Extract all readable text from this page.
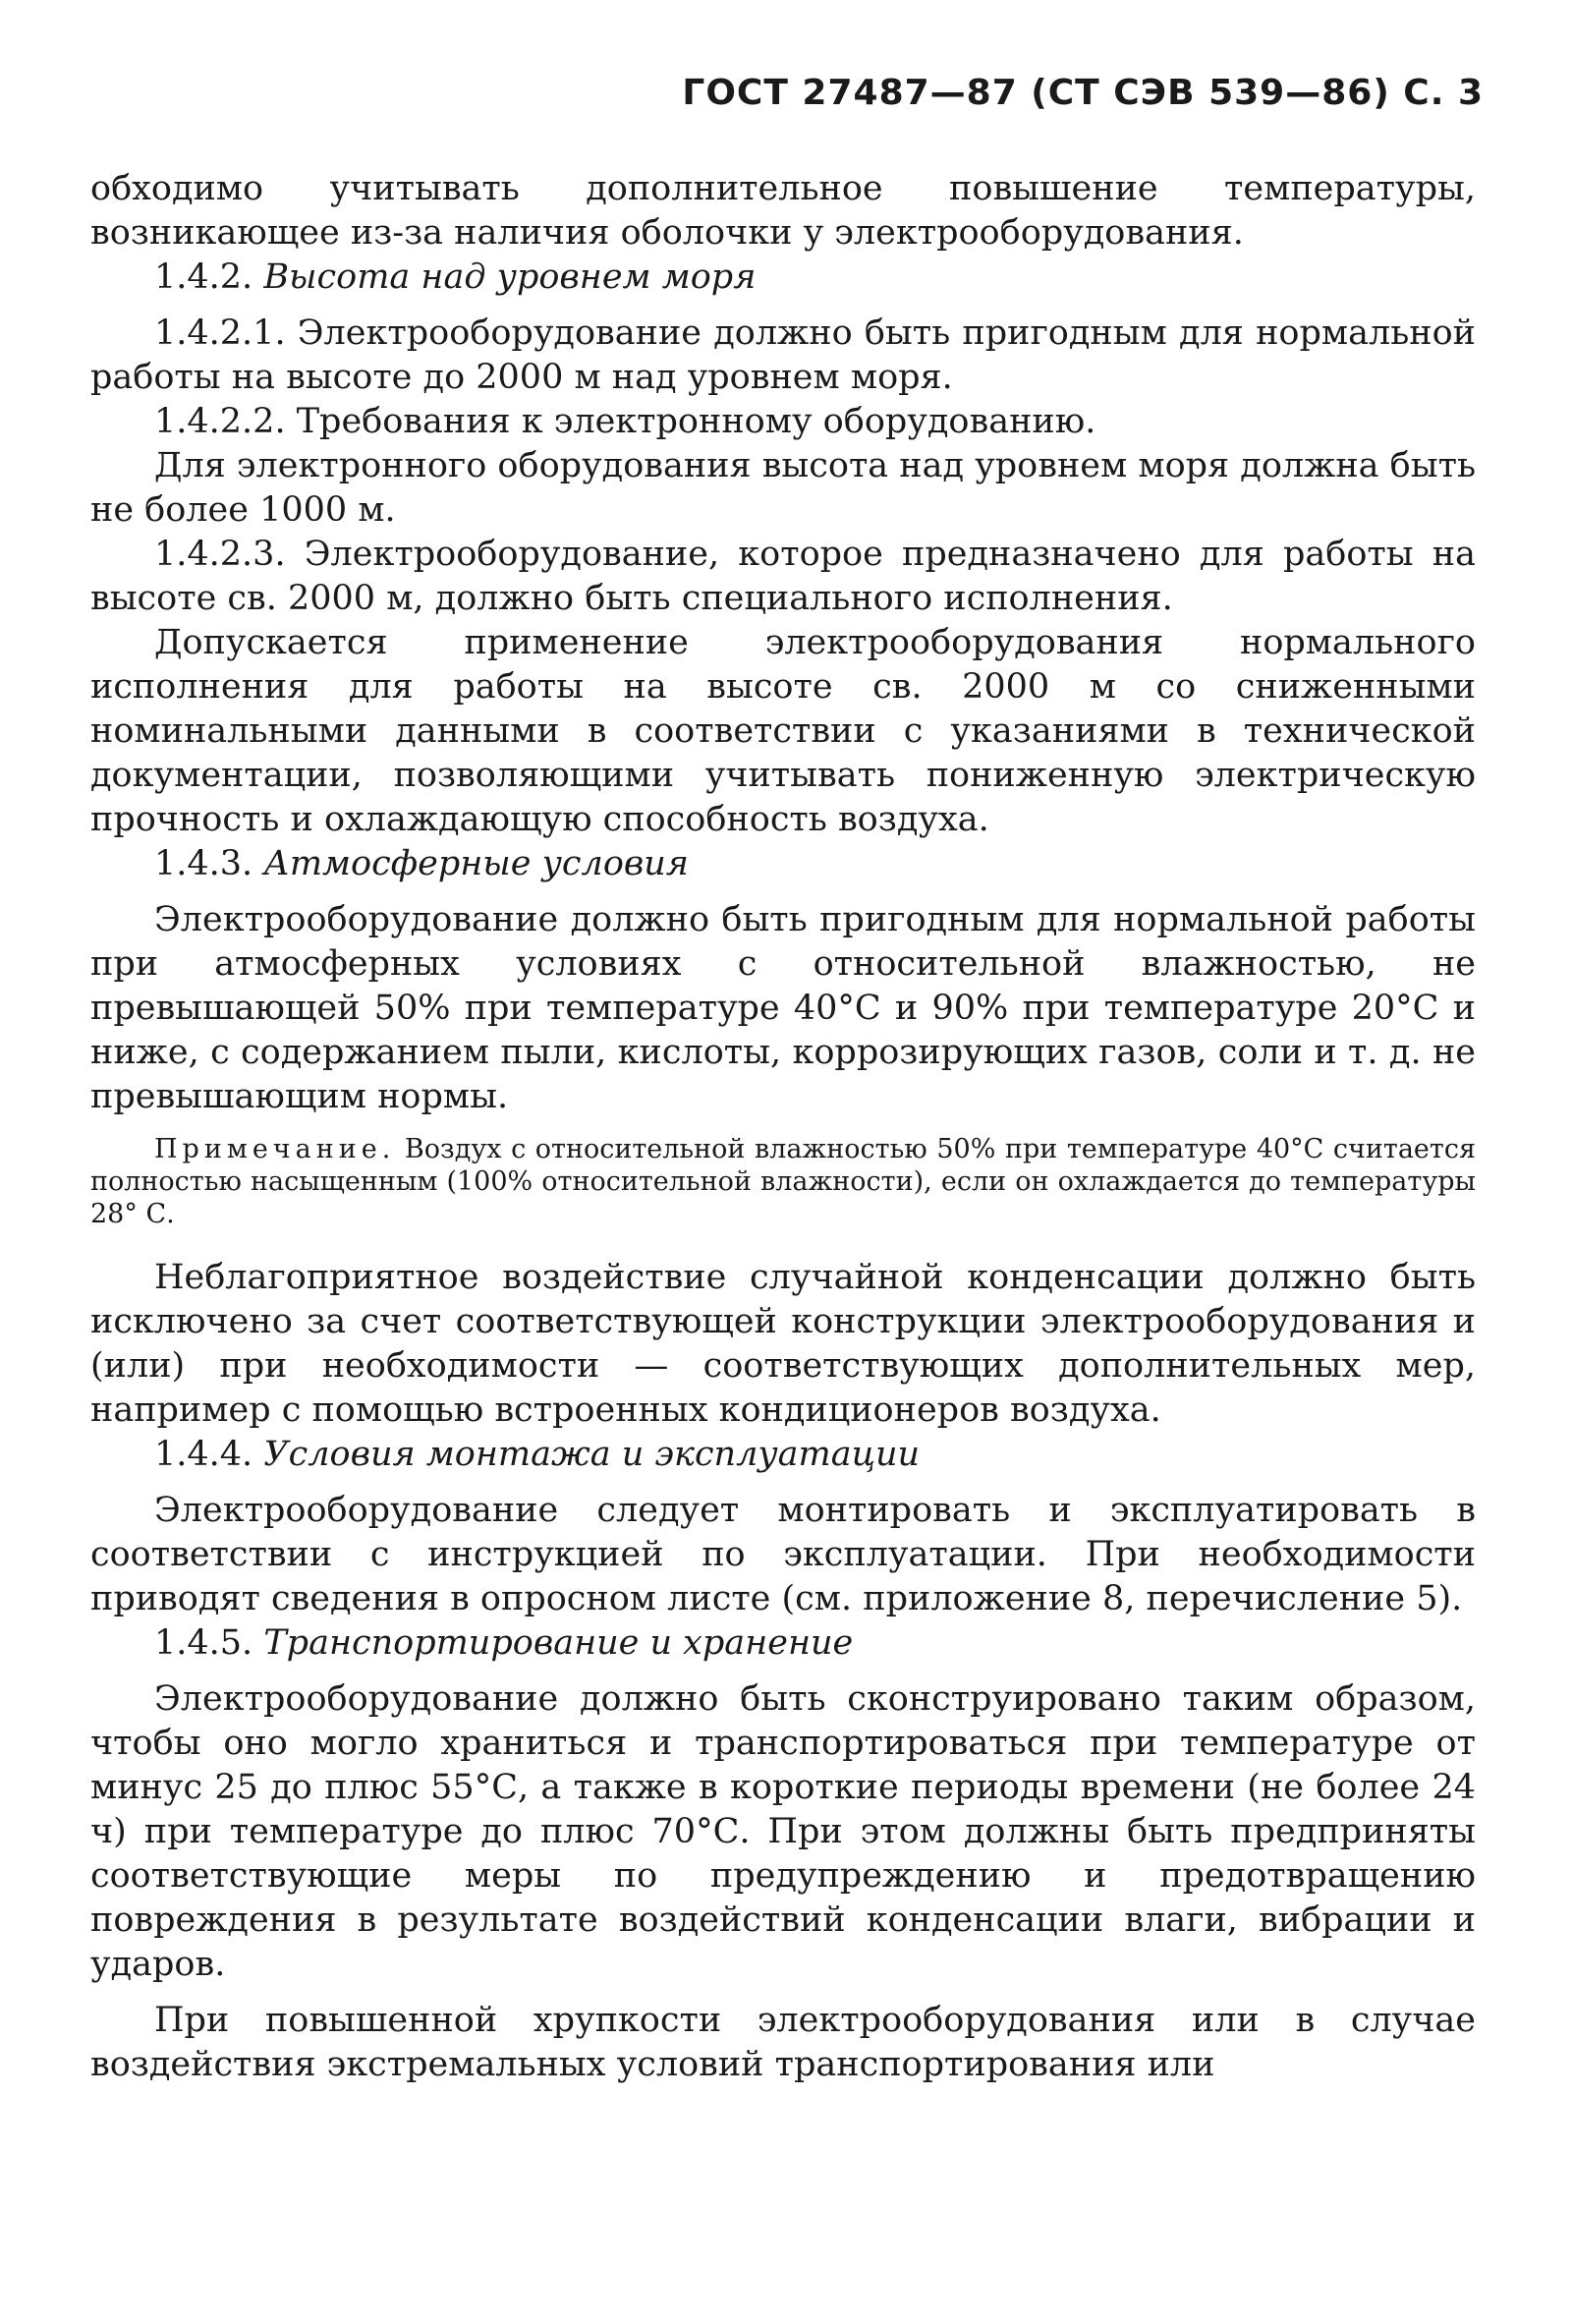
ГОСТ 27487—87 (СТ СЭВ 539—86) С. 3

обходимо учитывать дополнительное повышение температуры, возникающее из-за наличия оболочки у электрооборудования.

1.4.2. Высота над уровнем моря

1.4.2.1. Электрооборудование должно быть пригодным для нормальной работы на высоте до 2000 м над уровнем моря.

1.4.2.2. Требования к электронному оборудованию.

Для электронного оборудования высота над уровнем моря должна быть не более 1000 м.

1.4.2.3. Электрооборудование, которое предназначено для работы на высоте св. 2000 м, должно быть специального исполнения.

Допускается применение электрооборудования нормального исполнения для работы на высоте св. 2000 м со сниженными номинальными данными в соответствии с указаниями в технической документации, позволяющими учитывать пониженную электрическую прочность и охлаждающую способность воздуха.

1.4.3. Атмосферные условия

Электрооборудование должно быть пригодным для нормальной работы при атмосферных условиях с относительной влажностью, не превышающей 50% при температуре 40°С и 90% при температуре 20°С и ниже, с содержанием пыли, кислоты, коррозирующих газов, соли и т. д. не превышающим нормы.

Примечание. Воздух с относительной влажностью 50% при температуре 40°С считается полностью насыщенным (100% относительной влажности), если он охлаждается до температуры 28° С.

Неблагоприятное воздействие случайной конденсации должно быть исключено за счет соответствующей конструкции электрооборудования и (или) при необходимости — соответствующих дополнительных мер, например с помощью встроенных кондиционеров воздуха.

1.4.4. Условия монтажа и эксплуатации

Электрооборудование следует монтировать и эксплуатировать в соответствии с инструкцией по эксплуатации. При необходимости приводят сведения в опросном листе (см. приложение 8, перечисление 5).

1.4.5. Транспортирование и хранение

Электрооборудование должно быть сконструировано таким образом, чтобы оно могло храниться и транспортироваться при температуре от минус 25 до плюс 55°С, а также в короткие периоды времени (не более 24 ч) при температуре до плюс 70°С. При этом должны быть предприняты соответствующие меры по предупреждению и предотвращению повреждения в результате воздействий конденсации влаги, вибрации и ударов.

При повышенной хрупкости электрооборудования или в случае воздействия экстремальных условий транспортирования или
